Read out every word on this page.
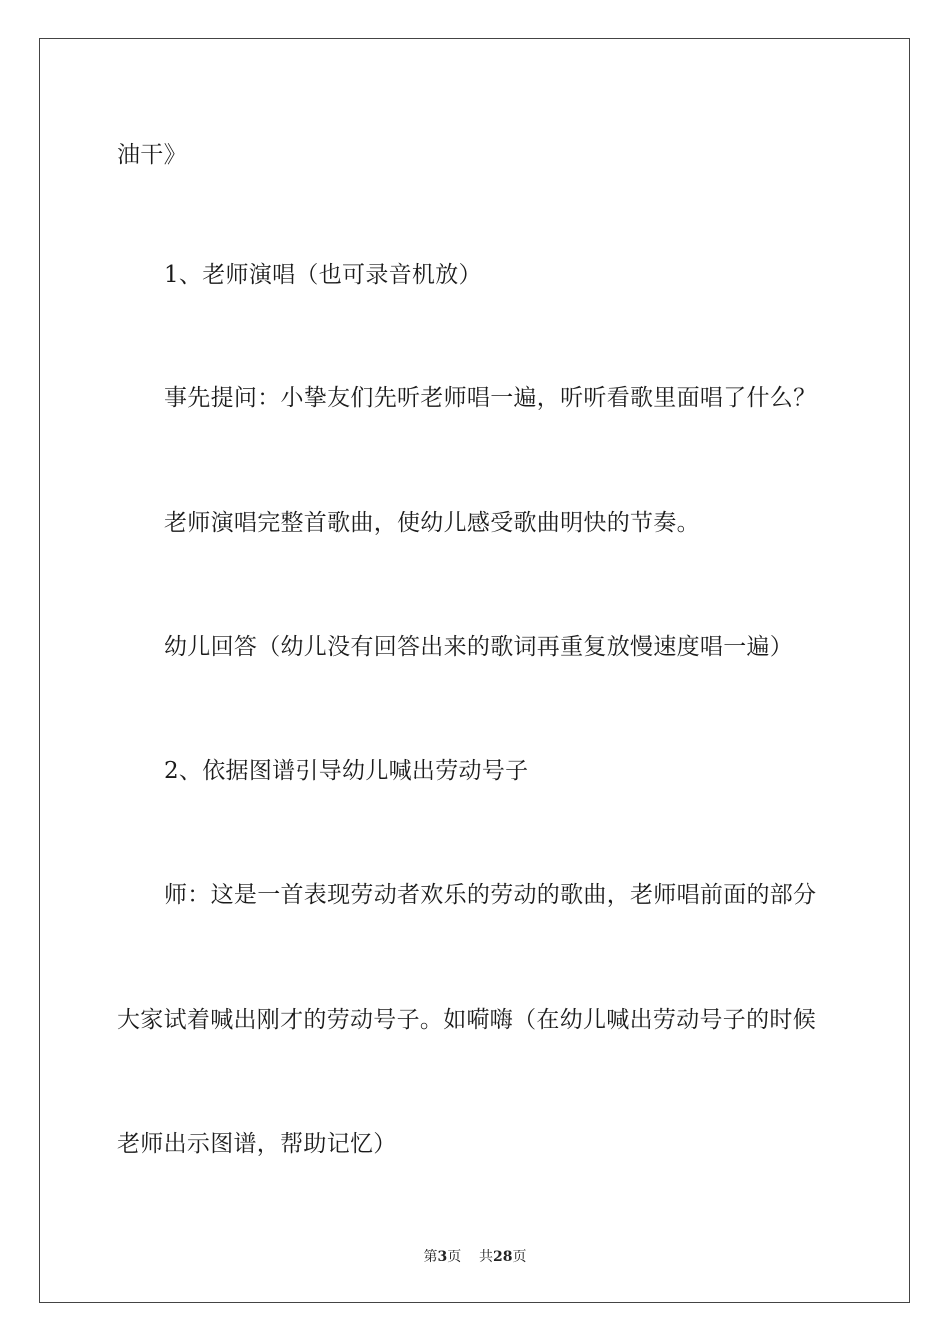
油干》
1、老师演唱（也可录音机放）
事先提问：小挚友们先听老师唱一遍，听听看歌里面唱了什么？
老师演唱完整首歌曲，使幼儿感受歌曲明快的节奏。
幼儿回答（幼儿没有回答出来的歌词再重复放慢速度唱一遍）
2、依据图谱引导幼儿喊出劳动号子
师：这是一首表现劳动者欢乐的劳动的歌曲，老师唱前面的部分
大家试着喊出刚才的劳动号子。如嗬嗨（在幼儿喊出劳动号子的时候
老师出示图谱，帮助记忆）
第3页 共28页
